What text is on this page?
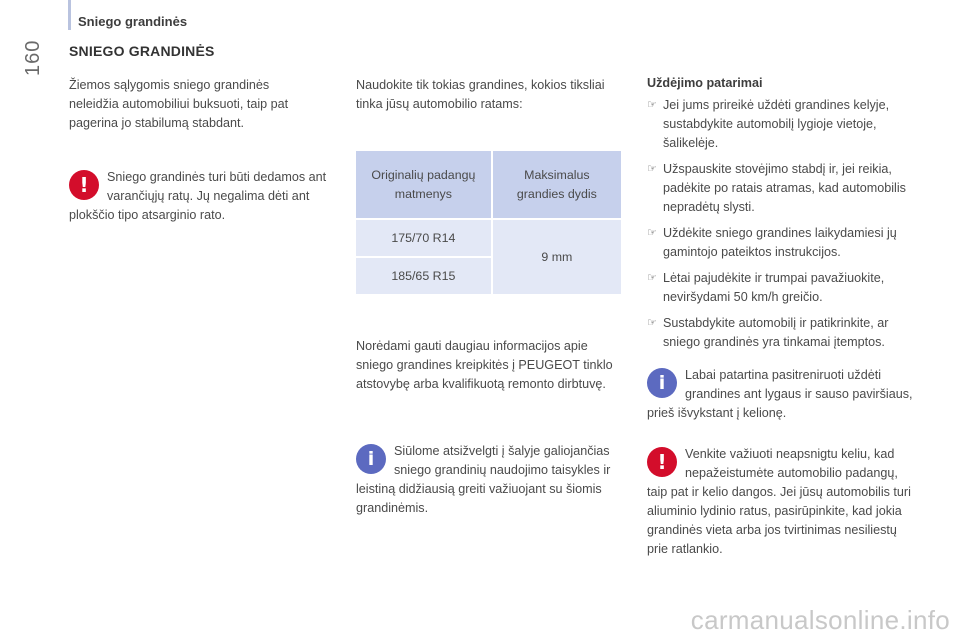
Sniego grandinės
160	SNIEGO GRANDINĖS

Žiemos sąlygomis sniego grandinės neleidžia automobiliui buksuoti, taip pat pagerina jo stabilumą stabdant.

!	Sniego grandinės turi būti dedamos ant varančiųjų ratų. Jų negalima dėti ant plokščio tipo atsarginio rato.

Naudokite tik tokias grandines, kokios tiksliai tinka jūsų automobilio ratams:

Originalių padangų matmenys	Maksimalus grandies dydis
175/70 R14	9 mm
185/65 R15	

Norėdami gauti daugiau informacijos apie sniego grandines kreipkitės į PEUGEOT tinklo atstovybę arba kvalifikuotą remonto dirbtuvę.

i	Siūlome atsižvelgti į šalyje galiojančias sniego grandinių naudojimo taisykles ir leistiną didžiausią greiti važiuojant su šiomis grandinėmis.
Uždėjimo patarimai
☞ Jei jums prireikė uždėti grandines kelyje, sustabdykite automobilį lygioje vietoje, šalikelėje.
☞ Užspauskite stovėjimo stabdį ir, jei reikia, padėkite po ratais atramas, kad automobilis nepradėtų slysti.
☞ Uždėkite sniego grandines laikydamiesi jų gamintojo pateiktos instrukcijos.
☞ Lėtai pajudėkite ir trumpai pavažiuokite, neviršydami 50 km/h greičio.
☞ Sustabdykite automobilį ir patikrinkite, ar sniego grandinės yra tinkamai įtemptos.
i	Labai patartina pasitreniruoti uždėti grandines ant lygaus ir sauso paviršiaus, prieš išvykstant į kelionę.
!	Venkite važiuoti neapsnigtu keliu, kad nepažeistumėte automobilio padangų, taip pat ir kelio dangos. Jei jūsų automobilis turi aliuminio lydinio ratus, pasirūpinkite, kad jokia grandinės vieta arba jos tvirtinimas nesiliestų prie ratlankio.
carmanualsonline.info
